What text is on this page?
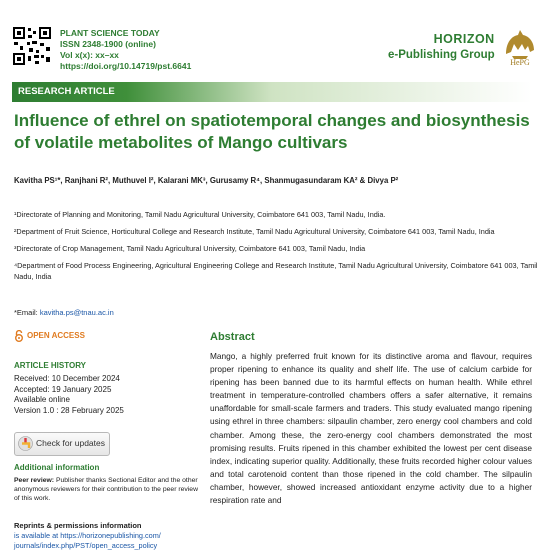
PLANT SCIENCE TODAY
ISSN 2348-1900 (online)
Vol x(x): xx–xx
https://doi.org/10.14719/pst.6641
HORIZON
e-Publishing Group
HePG
RESEARCH ARTICLE
Influence of ethrel on spatiotemporal changes and biosynthesis of volatile metabolites of Mango cultivars
Kavitha PS¹*, Ranjhani R², Muthuvel I², Kalarani MK³, Gurusamy R⁴, Shanmugasundaram KA² & Divya P²
¹Directorate of Planning and Monitoring, Tamil Nadu Agricultural University, Coimbatore 641 003, Tamil Nadu, India.
²Department of Fruit Science, Horticultural College and Research Institute, Tamil Nadu Agricultural University, Coimbatore 641 003, Tamil Nadu, India
³Directorate of Crop Management, Tamil Nadu Agricultural University, Coimbatore 641 003, Tamil Nadu, India
⁴Department of Food Process Engineering, Agricultural Engineering College and Research Institute, Tamil Nadu Agricultural University, Coimbatore 641 003, Tamil Nadu, India
*Email: kavitha.ps@tnau.ac.in
OPEN ACCESS
ARTICLE HISTORY
Received: 10 December 2024
Accepted: 19 January 2025
Available online
Version 1.0 : 28 February 2025
Check for updates
Additional information
Peer review: Publisher thanks Sectional Editor and the other anonymous reviewers for their contribution to the peer review of this work.
Reprints & permissions information
is available at https://horizonepublishing.com/ journals/index.php/PST/open_access_policy
Abstract
Mango, a highly preferred fruit known for its distinctive aroma and flavour, requires proper ripening to enhance its quality and shelf life. The use of calcium carbide for ripening has been banned due to its harmful effects on human health. While ethrel treatment in temperature-controlled chambers offers a safer alternative, it remains unaffordable for small-scale farmers and traders. This study evaluated mango ripening using ethrel in three chambers: silpaulin chamber, zero energy cool chambers and cold chamber. Among these, the zero-energy cool chambers demonstrated the most promising results. Fruits ripened in this chamber exhibited the lowest per cent disease index, indicating superior quality. Additionally, these fruits recorded higher colour values and total carotenoid content than those ripened in the cold chamber. The silpaulin chamber, however, showed increased antioxidant enzyme activity due to a higher respiration rate and
